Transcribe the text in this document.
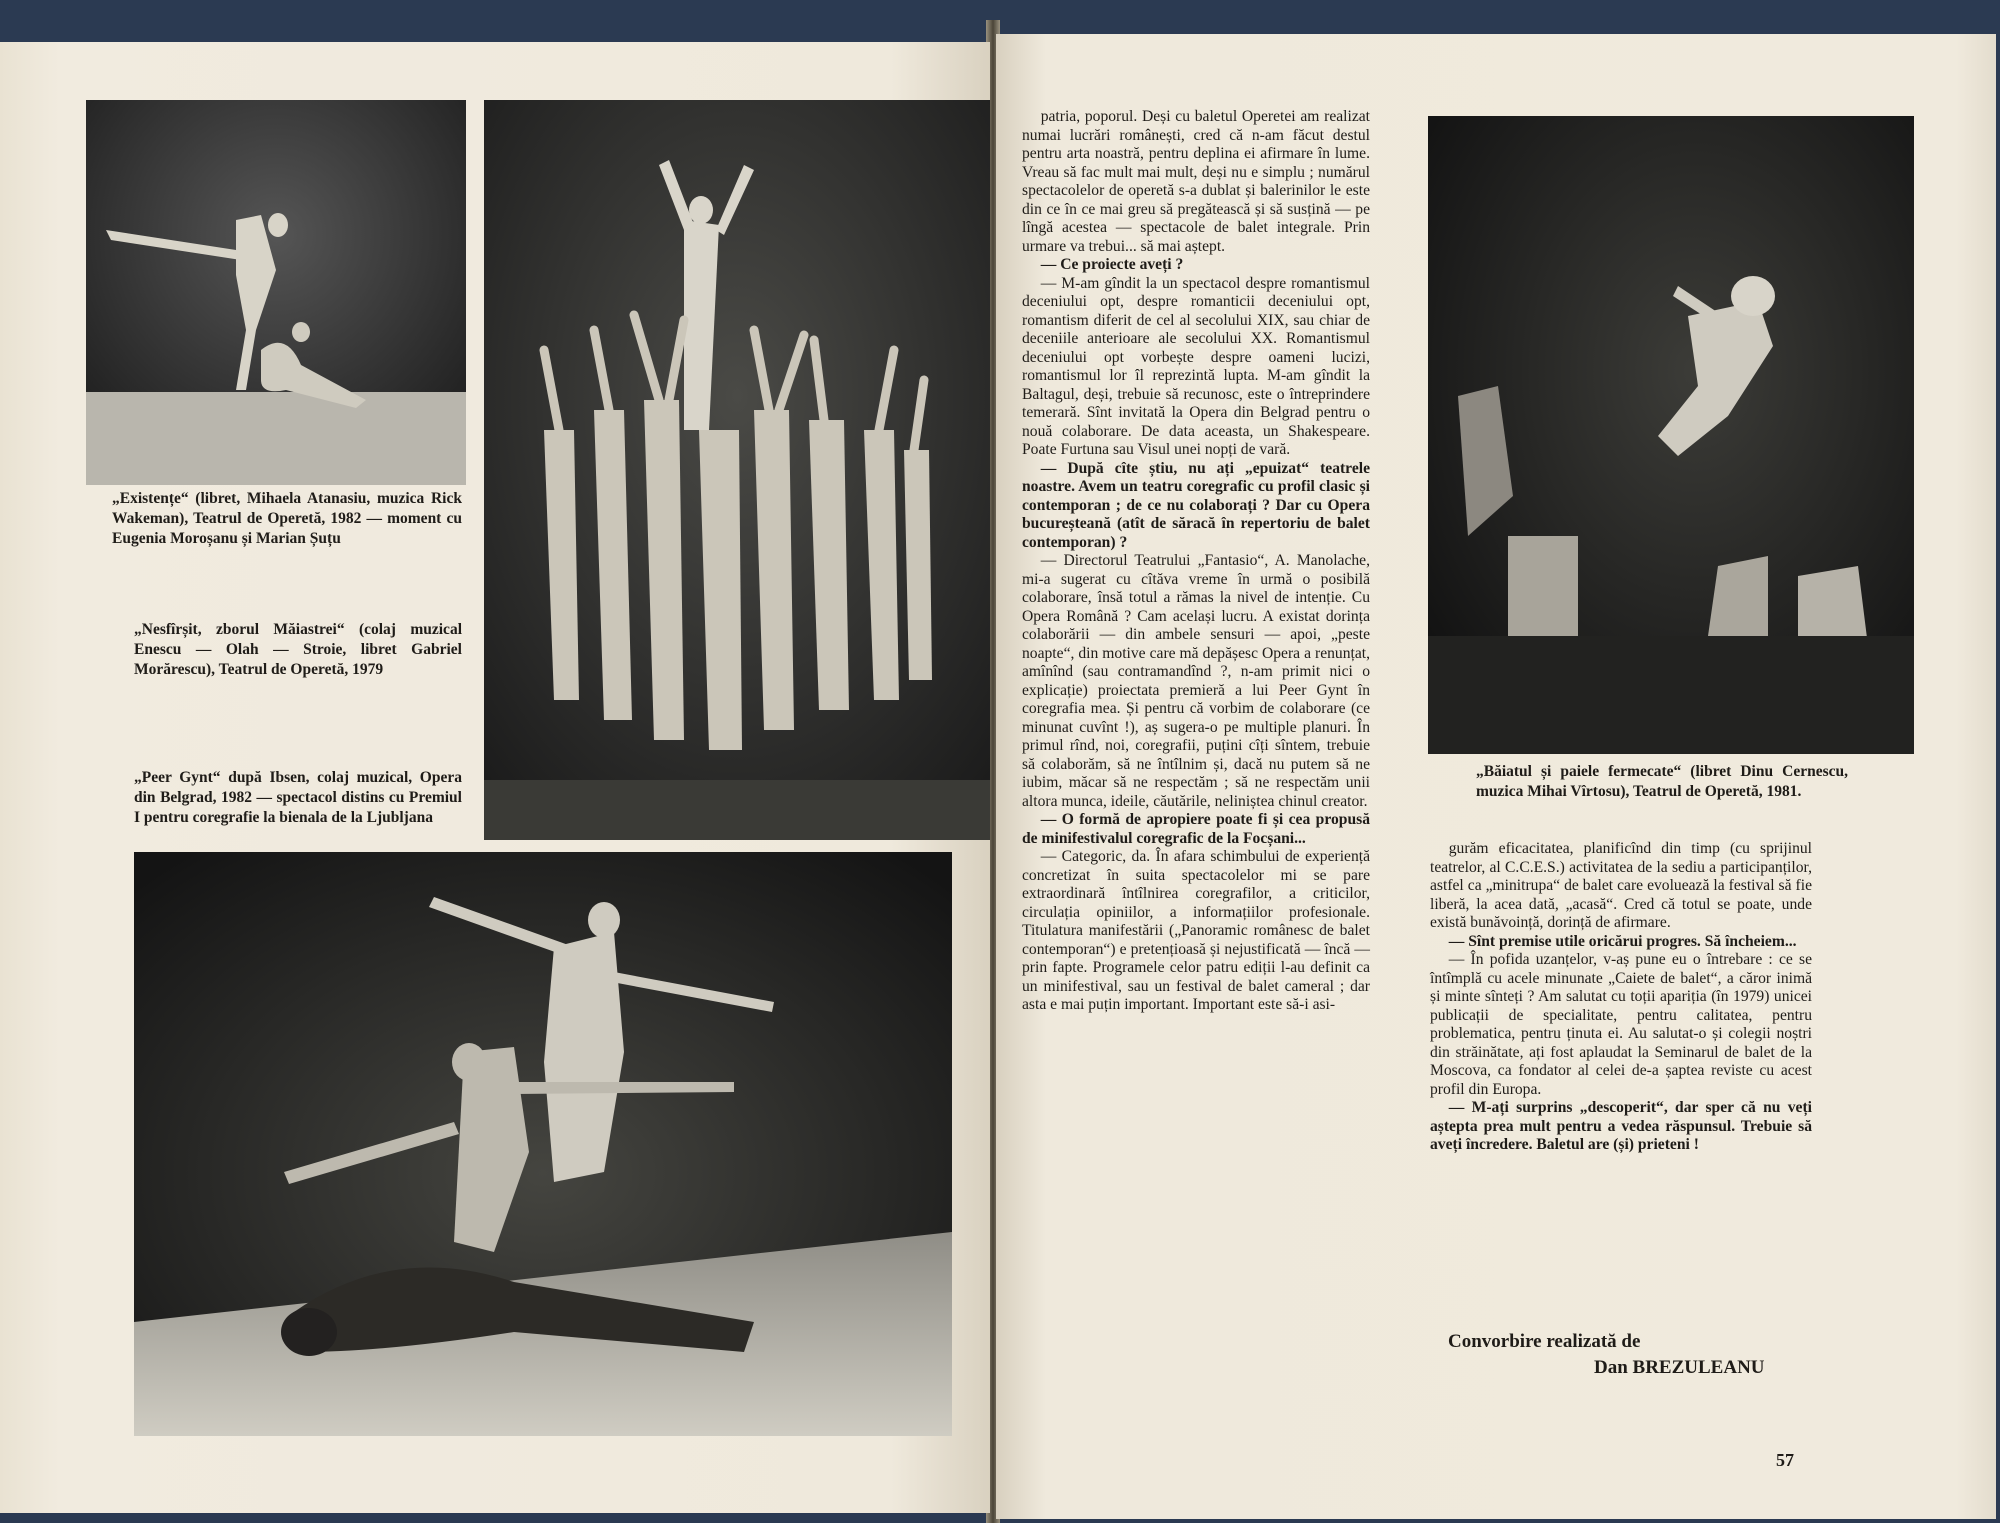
„Existențe“ (libret, Mihaela Atanasiu, muzica Rick Wakeman), Teatrul de Operetă, 1982 — moment cu Eugenia Moroșanu și Marian Șuțu
„Nesfîrșit, zborul Măiastrei“ (colaj muzical Enescu — Olah — Stroie, libret Gabriel Morărescu), Teatrul de Operetă, 1979
„Peer Gynt“ după Ibsen, colaj muzical, Opera din Belgrad, 1982 — spectacol distins cu Premiul I pentru coregrafie la bienala de la Ljubljana

patria, poporul. Deși cu baletul Operetei am realizat numai lucrări românești, cred că n-am făcut destul pentru arta noastră, pentru deplina ei afirmare în lume. Vreau să fac mult mai mult, deși nu e simplu ; numărul spectacolelor de operetă s-a dublat și balerinilor le este din ce în ce mai greu să pregătească și să susțină — pe lîngă acestea — spectacole de balet integrale. Prin urmare va trebui... să mai aștept.

— Ce proiecte aveți ?

— M-am gîndit la un spectacol despre romantismul deceniului opt, despre romanticii deceniului opt, romantism diferit de cel al secolului XIX, sau chiar de deceniile anterioare ale secolului XX. Romantismul deceniului opt vorbește despre oameni lucizi, romantismul lor îl reprezintă lupta. M-am gîndit la Baltagul, deși, trebuie să recunosc, este o întreprindere temerară. Sînt invitată la Opera din Belgrad pentru o nouă colaborare. De data aceasta, un Shakespeare. Poate Furtuna sau Visul unei nopți de vară.

— După cîte știu, nu ați „epuizat“ teatrele noastre. Avem un teatru coregrafic cu profil clasic și contemporan ; de ce nu colaborați ? Dar cu Opera bucureșteană (atît de săracă în repertoriu de balet contemporan) ?

— Directorul Teatrului „Fantasio“, A. Manolache, mi-a sugerat cu cîtăva vreme în urmă o posibilă colaborare, însă totul a rămas la nivel de intenție. Cu Opera Română ? Cam același lucru. A existat dorința colaborării — din ambele sensuri — apoi, „peste noapte“, din motive care mă depășesc Opera a renunțat, amînînd (sau contramandînd ?, n-am primit nici o explicație) proiectata premieră a lui Peer Gynt în coregrafia mea. Și pentru că vorbim de colaborare (ce minunat cuvînt !), aș sugera-o pe multiple planuri. În primul rînd, noi, coregrafii, puțini cîți sîntem, trebuie să colaborăm, să ne întîlnim și, dacă nu putem să ne iubim, măcar să ne respectăm ; să ne respectăm unii altora munca, ideile, căutările, neliniștea chinul creator.

— O formă de apropiere poate fi și cea propusă de minifestivalul coregrafic de la Focșani...

— Categoric, da. În afara schimbului de experiență concretizat în suita spectacolelor mi se pare extraordinară întîlnirea coregrafilor, a criticilor, circulația opiniilor, a informațiilor profesionale. Titulatura manifestării („Panoramic românesc de balet contemporan“) e pretențioasă și nejustificată — încă — prin fapte. Programele celor patru ediții l-au definit ca un minifestival, sau un festival de balet cameral ; dar asta e mai puțin important. Important este să-i asi-

„Băiatul și paiele fermecate“ (libret Dinu Cernescu, muzica Mihai Vîrtosu), Teatrul de Operetă, 1981.

gurăm eficacitatea, planificînd din timp (cu sprijinul teatrelor, al C.C.E.S.) activitatea de la sediu a participanților, astfel ca „minitrupa“ de balet care evoluează la festival să fie liberă, la acea dată, „acasă“. Cred că totul se poate, unde există bunăvoință, dorință de afirmare.

— Sînt premise utile oricărui progres. Să încheiem...

— În pofida uzanțelor, v-aș pune eu o întrebare : ce se întîmplă cu acele minunate „Caiete de balet“, a căror inimă și minte sînteți ? Am salutat cu toții apariția (în 1979) unicei publicații de specialitate, pentru calitatea, pentru problematica, pentru ținuta ei. Au salutat-o și colegii noștri din străinătate, ați fost aplaudat la Seminarul de balet de la Moscova, ca fondator al celei de-a șaptea reviste cu acest profil din Europa.

— M-ați surprins „descoperit“, dar sper că nu veți aștepta prea mult pentru a vedea răspunsul. Trebuie să aveți încredere. Baletul are (și) prieteni !

Convorbire realizată de
Dan BREZULEANU
57
